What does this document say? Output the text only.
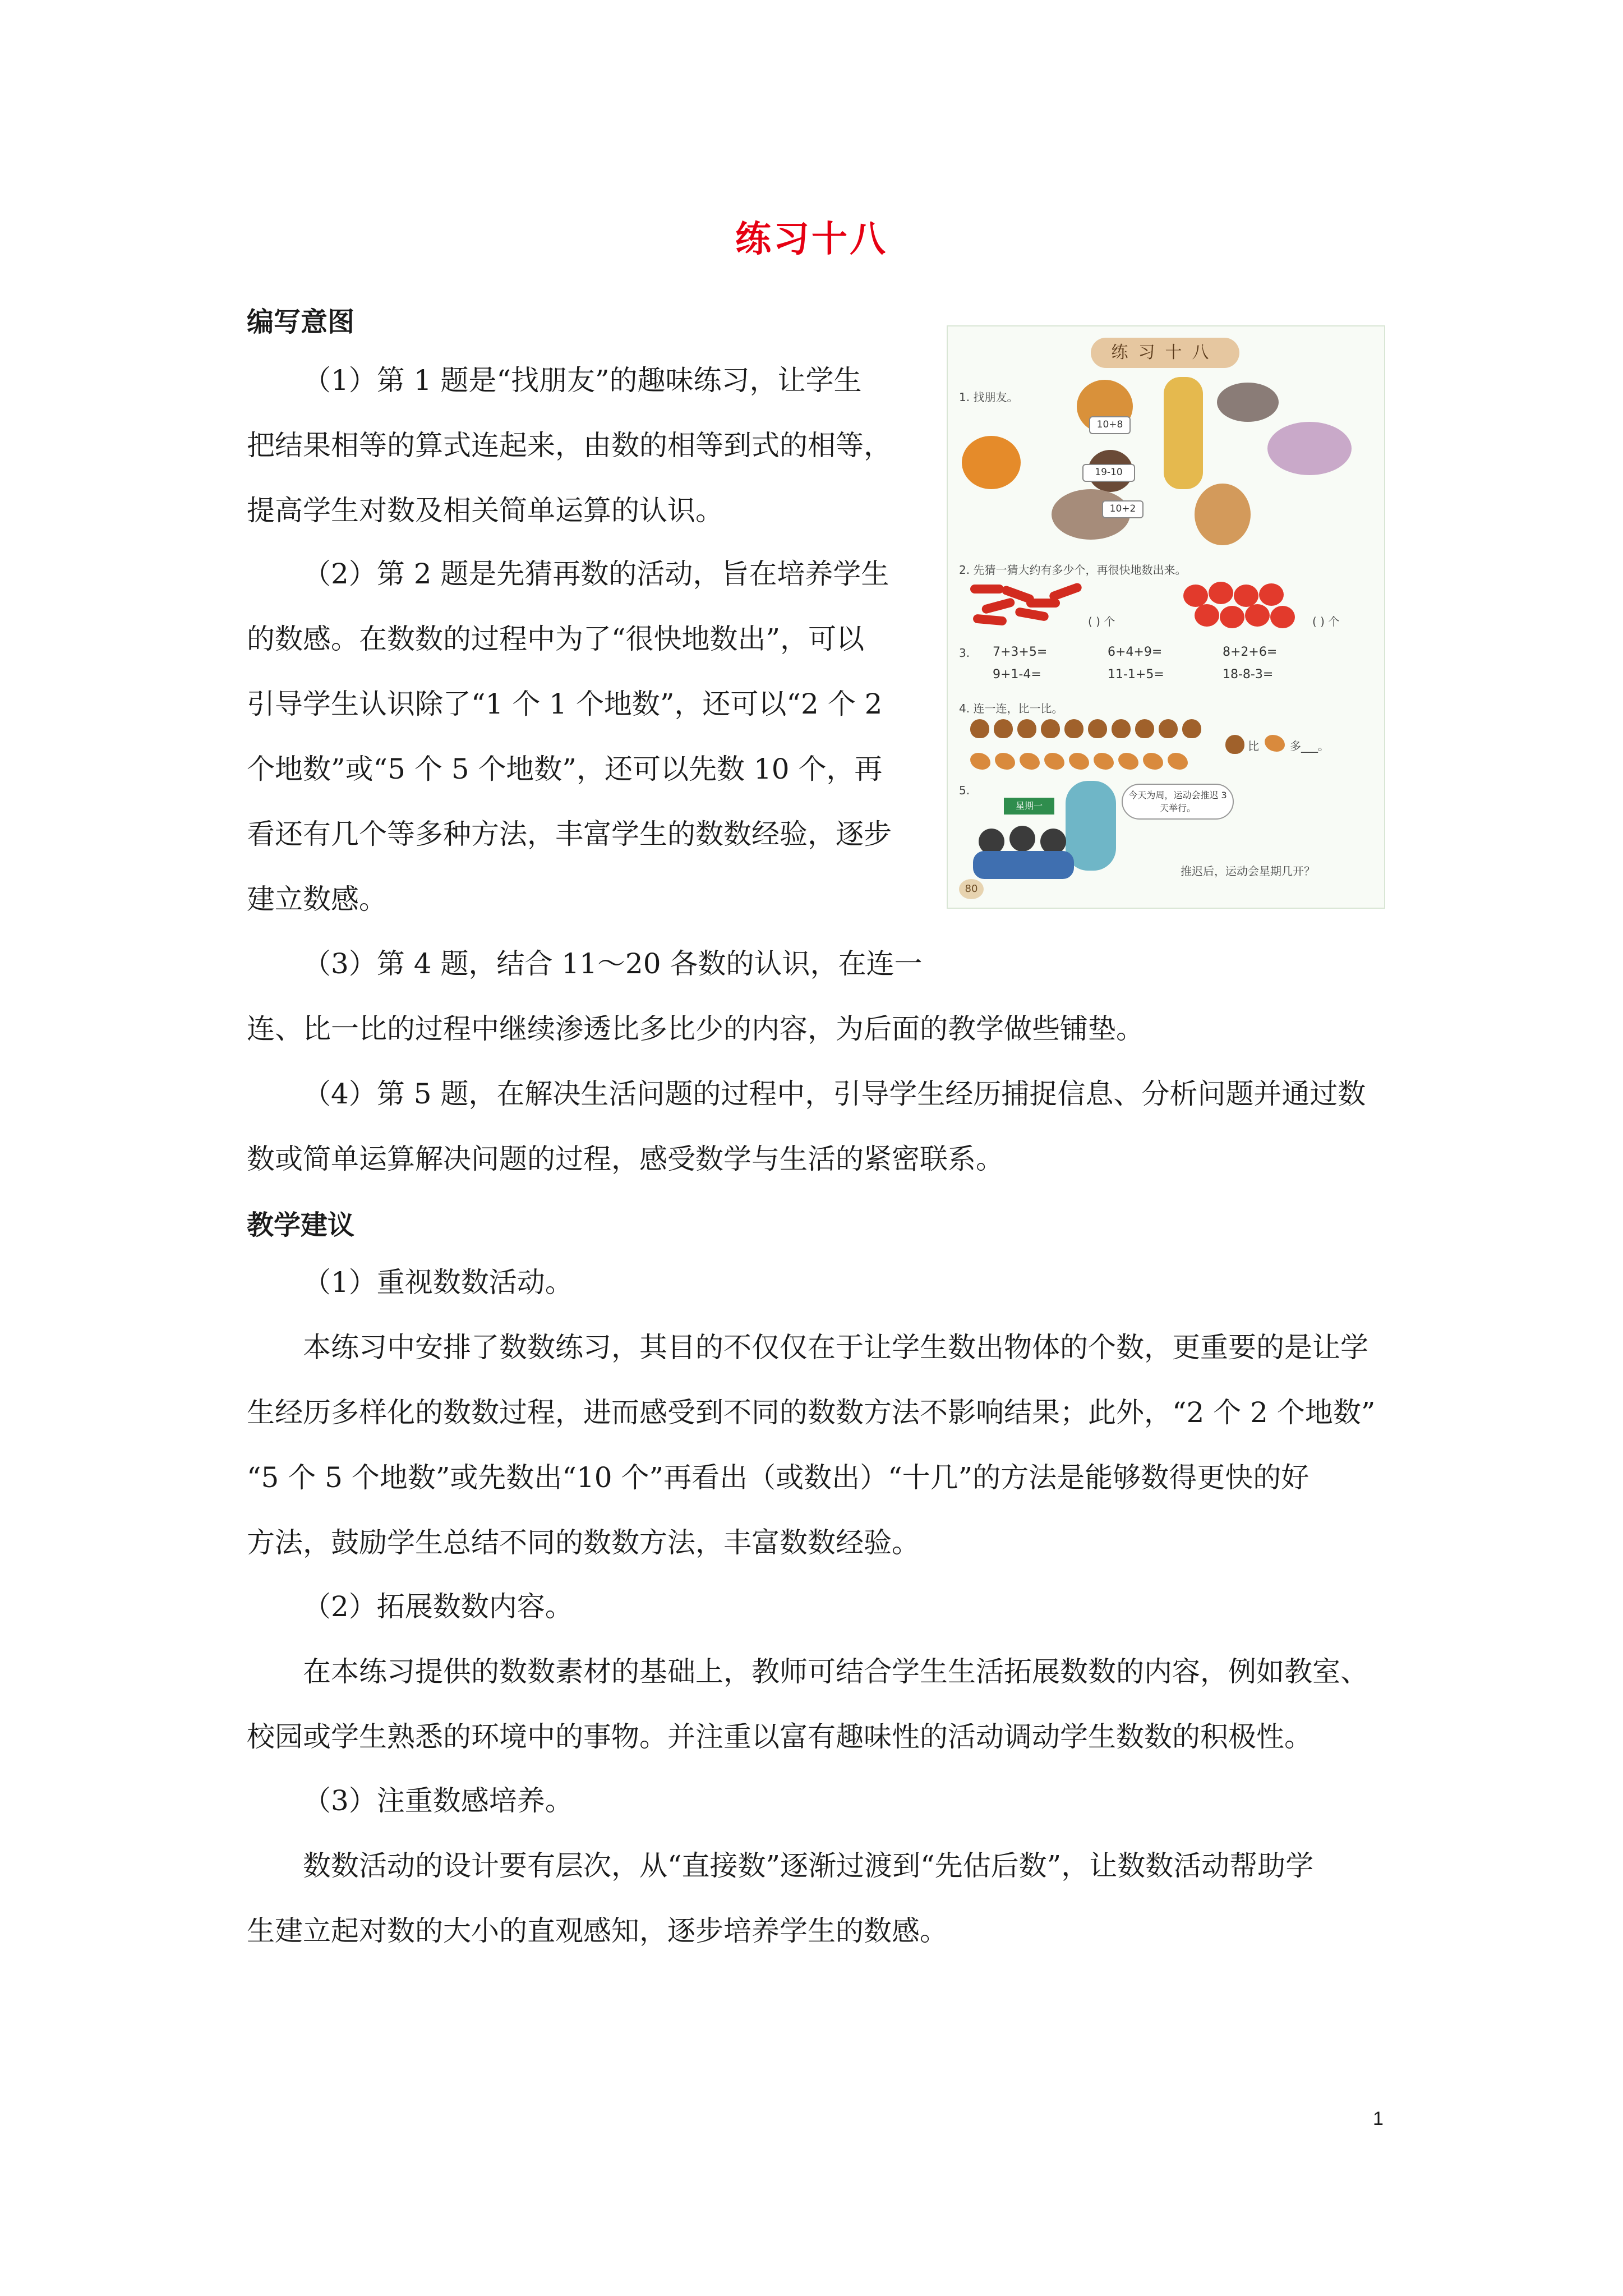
练习十八
编写意图
（1）第 1 题是“找朋友”的趣味练习，让学生
把结果相等的算式连起来，由数的相等到式的相等，
提高学生对数及相关简单运算的认识。
（2）第 2 题是先猜再数的活动，旨在培养学生
的数感。在数数的过程中为了“很快地数出”，可以
引导学生认识除了“1 个 1 个地数”，还可以“2 个 2
个地数”或“5 个 5 个地数”，还可以先数 10 个，再
看还有几个等多种方法，丰富学生的数数经验，逐步
建立数感。
（3）第 4 题，结合 11～20 各数的认识，在连一
连、比一比的过程中继续渗透比多比少的内容，为后面的教学做些铺垫。
（4）第 5 题，在解决生活问题的过程中，引导学生经历捕捉信息、分析问题并通过数
数或简单运算解决问题的过程，感受数学与生活的紧密联系。
教学建议
（1）重视数数活动。
本练习中安排了数数练习，其目的不仅仅在于让学生数出物体的个数，更重要的是让学
生经历多样化的数数过程，进而感受到不同的数数方法不影响结果；此外，“2 个 2 个地数”
“5 个 5 个地数”或先数出“10 个”再看出（或数出）“十几”的方法是能够数得更快的好
方法，鼓励学生总结不同的数数方法，丰富数数经验。
（2）拓展数数内容。
在本练习提供的数数素材的基础上，教师可结合学生生活拓展数数的内容，例如教室、
校园或学生熟悉的环境中的事物。并注重以富有趣味性的活动调动学生数数的积极性。
（3）注重数感培养。
数数活动的设计要有层次，从“直接数”逐渐过渡到“先估后数”，让数数活动帮助学
生建立起对数的大小的直观感知，逐步培养学生的数感。
1
练习十八
1. 找朋友。
10+8
19-10
10+2
2. 先猜一猜大约有多少个，再很快地数出来。
( ) 个	( ) 个
3. 7+3+5=	6+4+9=	8+2+6=
9+1-4=	11-1+5=	18-8-3=
4. 连一连，比一比。
比	多___。
5.
星期一
今天为周，运动会推迟 3 天举行。
推迟后，运动会星期几开？
80
